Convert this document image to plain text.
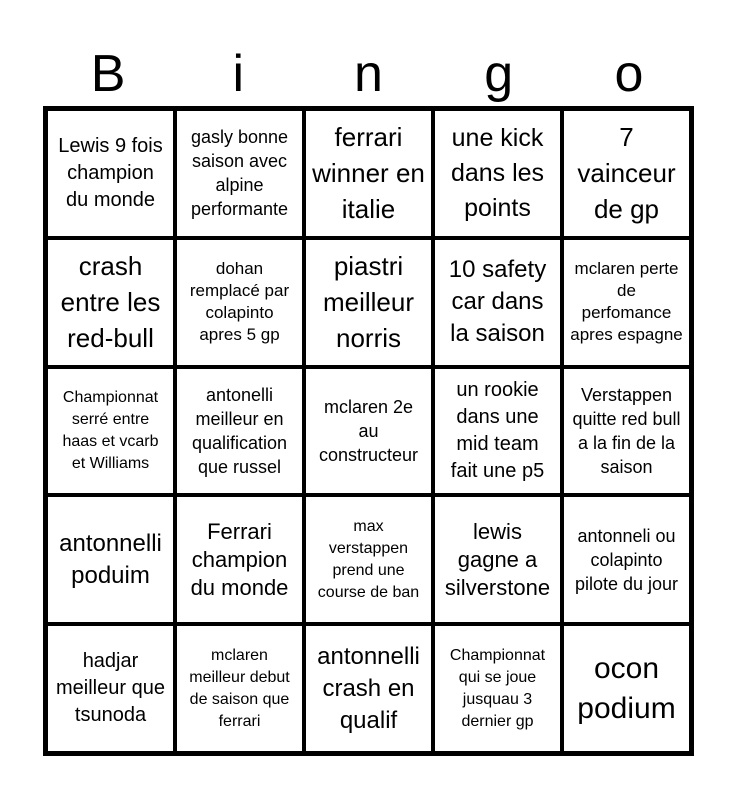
B	i	n	g	o
Lewis 9 fois champion du monde
gasly bonne saison avec alpine performante
ferrari winner en italie
une kick dans les points
7 vainceur de gp
crash entre les red-bull
dohan remplacé par colapinto apres 5 gp
piastri meilleur norris
10 safety car dans la saison
mclaren perte de perfomance apres espagne
Championnat serré entre haas et vcarb et Williams
antonelli meilleur en qualification que russel
mclaren 2e au constructeur
un rookie dans une mid team fait une p5
Verstappen quitte red bull a la fin de la saison
antonnelli poduim
Ferrari champion du monde
max verstappen prend une course de ban
lewis gagne a silverstone
antonneli ou colapinto pilote du jour
hadjar meilleur que tsunoda
mclaren meilleur debut de saison que ferrari
antonnelli crash en qualif
Championnat qui se joue jusquau 3 dernier gp
ocon podium
